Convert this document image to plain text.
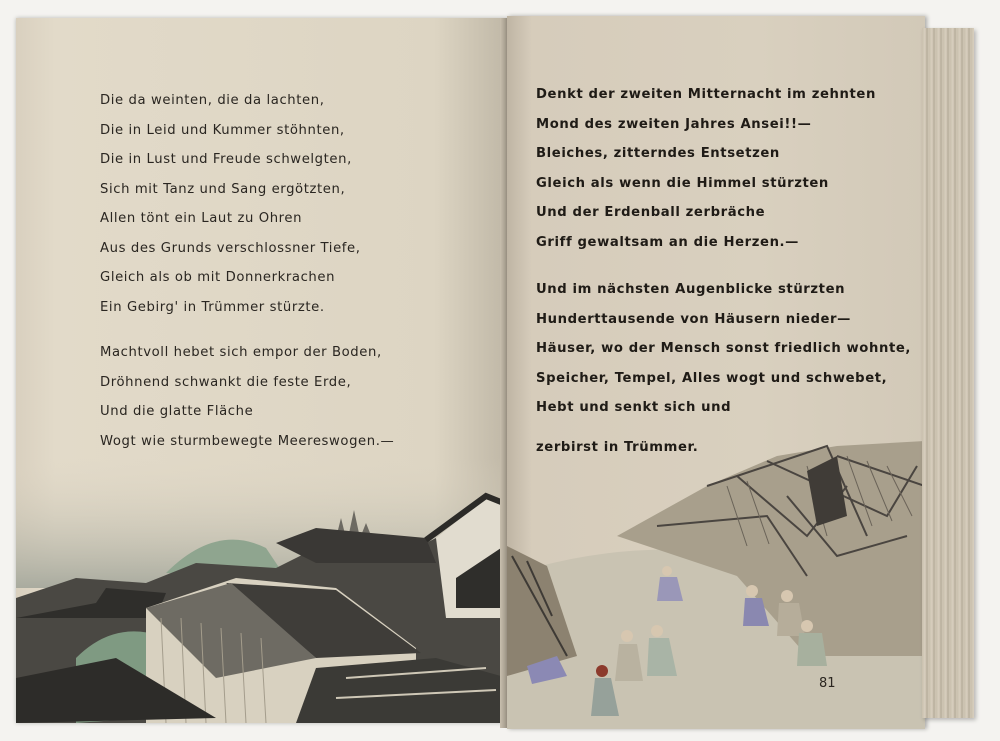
Die da weinten, die da lachten,
Die in Leid und Kummer stöhnten,
Die in Lust und Freude schwelgten,
Sich mit Tanz und Sang ergötzten,
Allen tönt ein Laut zu Ohren
Aus des Grunds verschlossner Tiefe,
Gleich als ob mit Donnerkrachen
Ein Gebirg' in Trümmer stürzte.
Machtvoll hebet sich empor der Boden,
Dröhnend schwankt die feste Erde,
Und die glatte Fläche
Wogt wie sturmbewegte Meereswogen.—
Denkt der zweiten Mitternacht im zehnten
Mond des zweiten Jahres Ansei!!—
Bleiches, zitterndes Entsetzen
Gleich als wenn die Himmel stürzten
Und der Erdenball zerbräche
Griff gewaltsam an die Herzen.—
Und im nächsten Augenblicke stürzten
Hunderttausende von Häusern nieder—
Häuser, wo der Mensch sonst friedlich wohnte,
Speicher, Tempel, Alles wogt und schwebet,
Hebt und senkt sich und
zerbirst in Trümmer.
81
